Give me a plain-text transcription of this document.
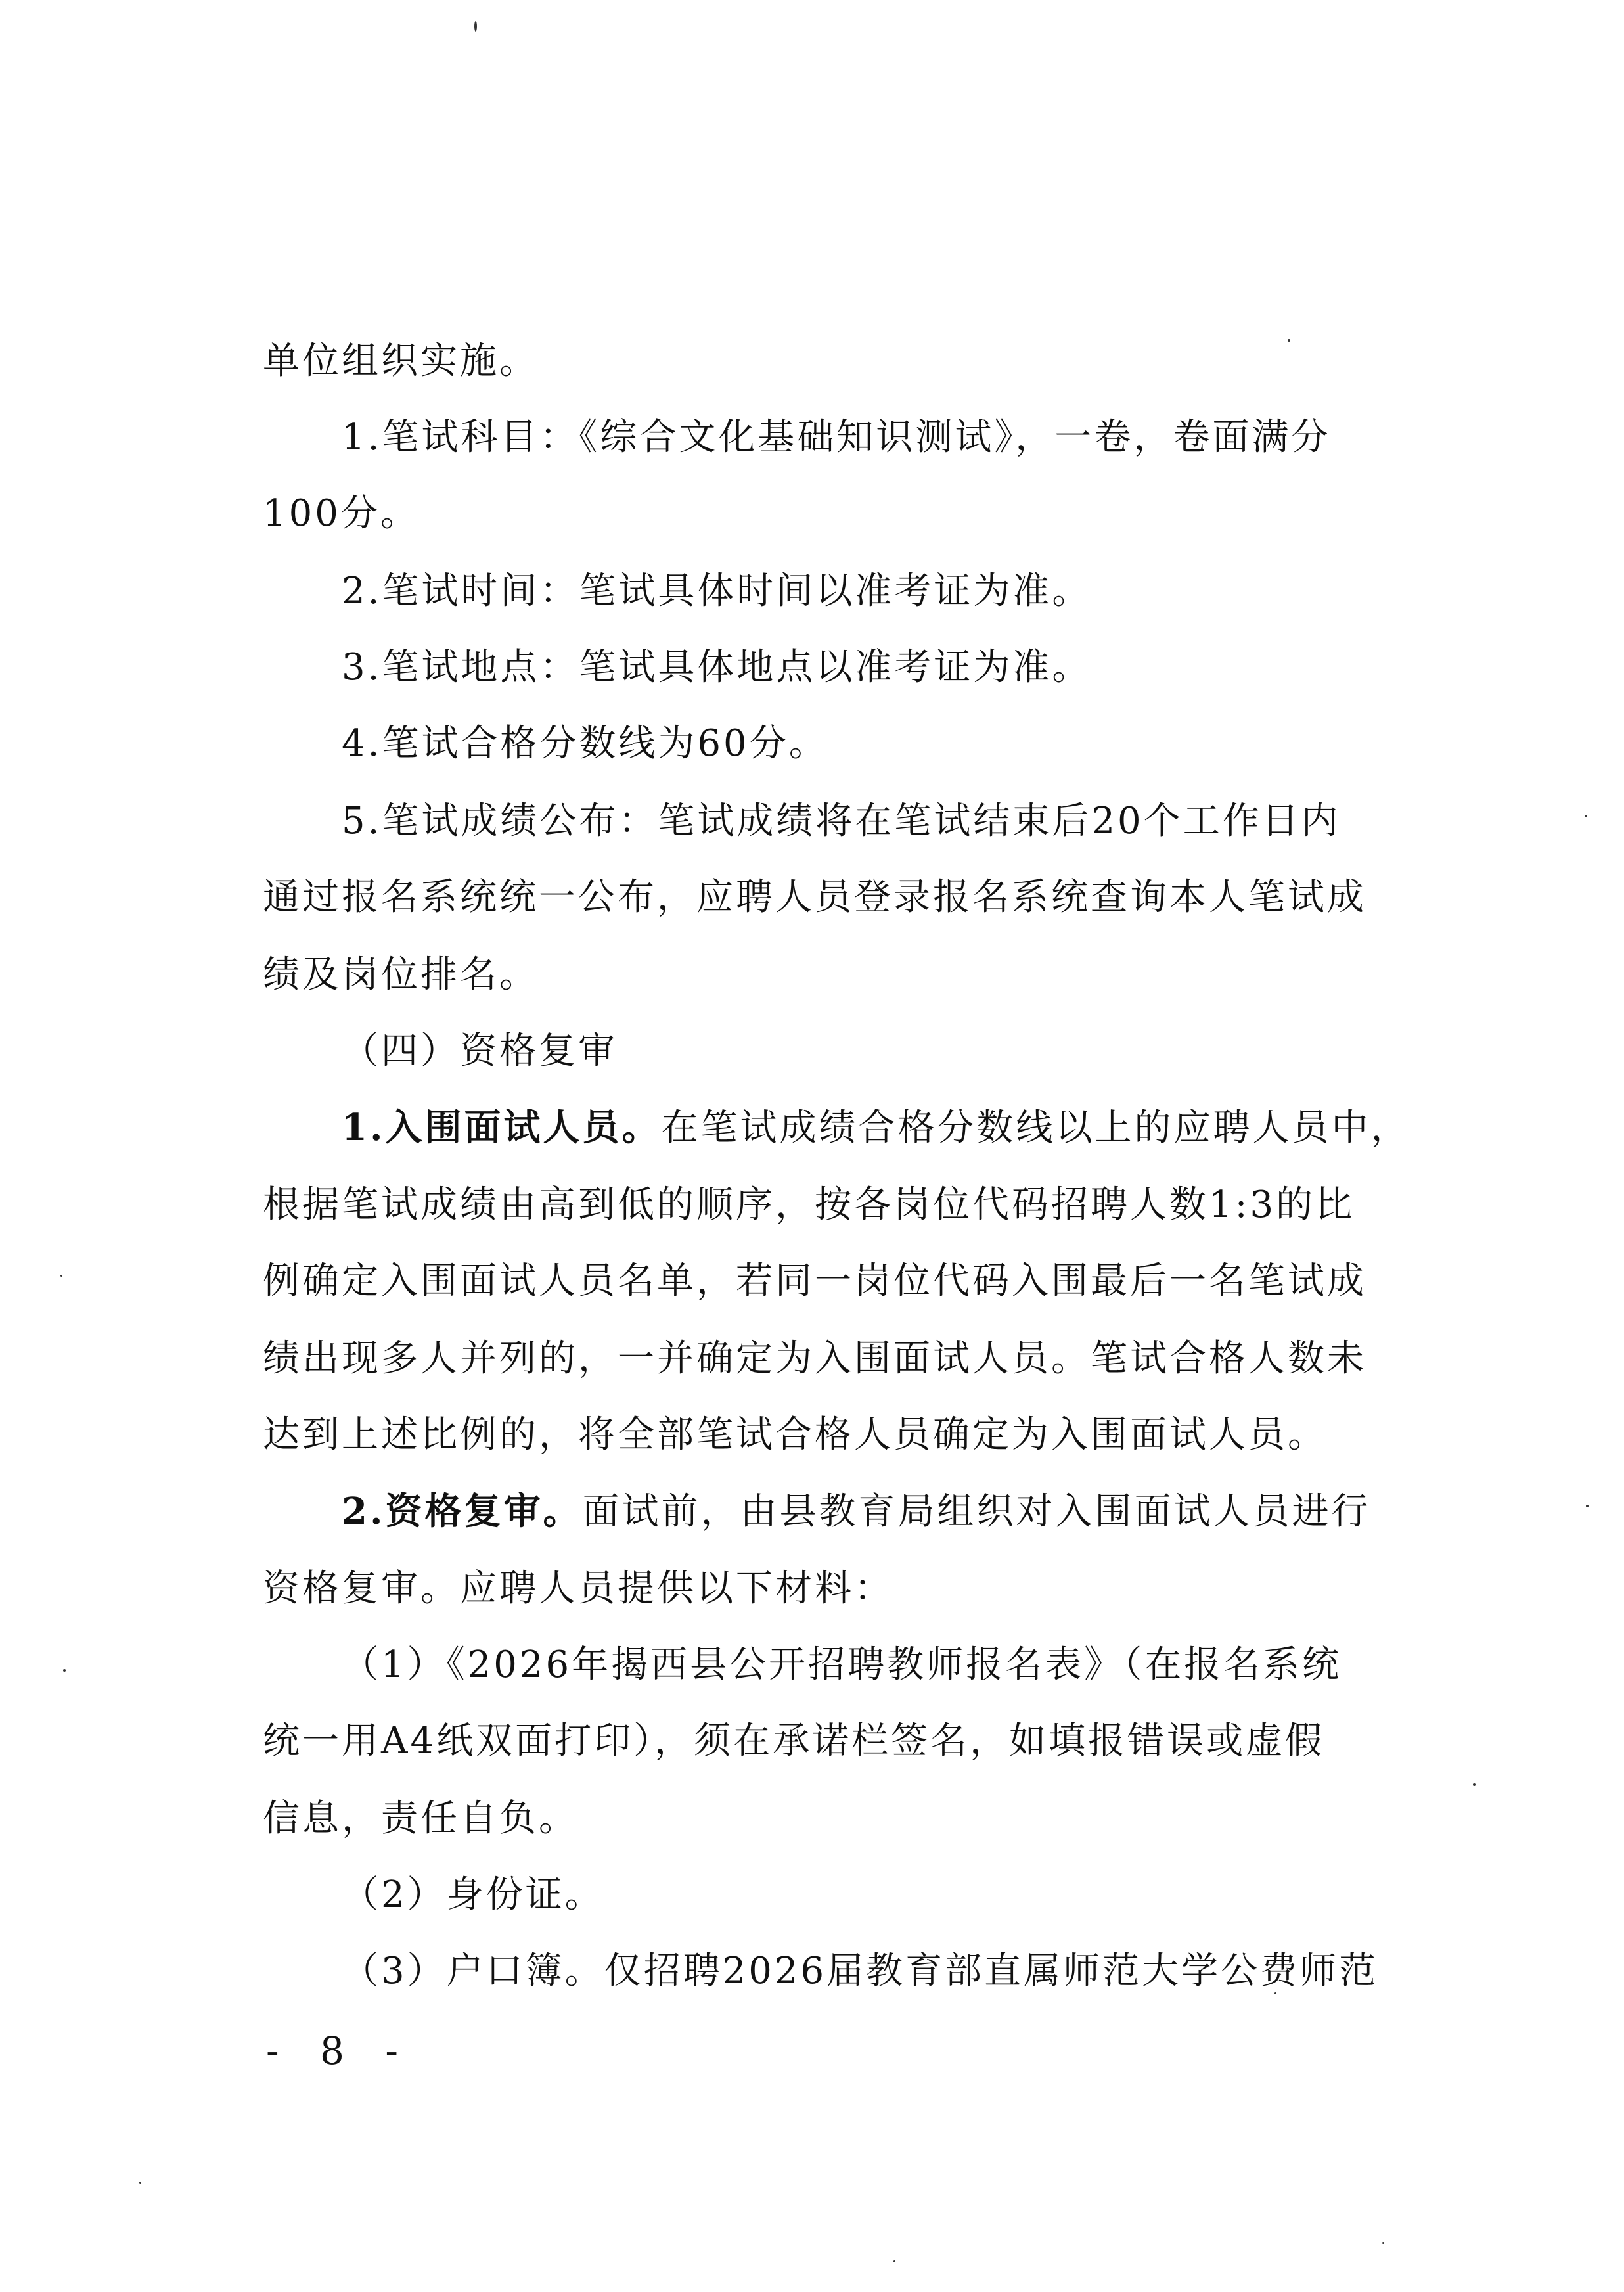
单位组织实施。
1.笔试科目：《综合文化基础知识测试》，一卷，卷面满分
100分。
2.笔试时间：笔试具体时间以准考证为准。
3.笔试地点：笔试具体地点以准考证为准。
4.笔试合格分数线为60分。
5.笔试成绩公布：笔试成绩将在笔试结束后20个工作日内
通过报名系统统一公布，应聘人员登录报名系统查询本人笔试成
绩及岗位排名。
（四）资格复审
1.入围面试人员。在笔试成绩合格分数线以上的应聘人员中，
根据笔试成绩由高到低的顺序，按各岗位代码招聘人数1:3的比
例确定入围面试人员名单，若同一岗位代码入围最后一名笔试成
绩出现多人并列的，一并确定为入围面试人员。笔试合格人数未
达到上述比例的，将全部笔试合格人员确定为入围面试人员。
2.资格复审。面试前，由县教育局组织对入围面试人员进行
资格复审。应聘人员提供以下材料：
（1）《2026年揭西县公开招聘教师报名表》（在报名系统
统一用A4纸双面打印），须在承诺栏签名，如填报错误或虚假
信息，责任自负。
（2）身份证。
（3）户口簿。仅招聘2026届教育部直属师范大学公费师范
- 8 -
